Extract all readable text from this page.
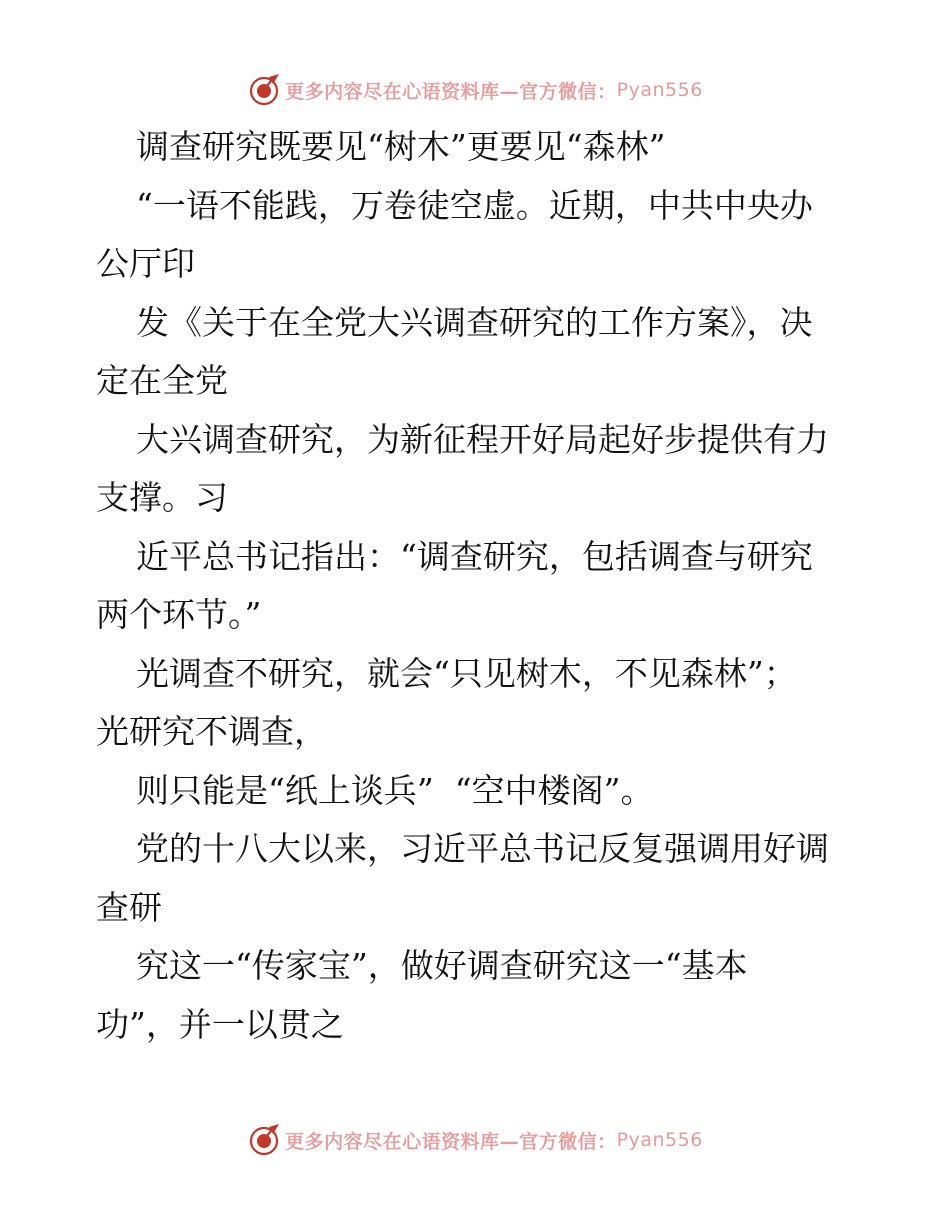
更多内容尽在心语资料库—官方微信： Pyan556
调查研究既要见“树木”更要见“森林”
“一语不能践，万卷徒空虚。近期，中共中央办
公厅印
发《关于在全党大兴调查研究的工作方案》，决
定在全党
大兴调查研究，为新征程开好局起好步提供有力
支撑。习
近平总书记指出：“调查研究，包括调查与研究
两个环节。”
光调查不研究，就会“只见树木，不见森林”；
光研究不调查，
则只能是“纸上谈兵”  “空中楼阁”。
党的十八大以来，习近平总书记反复强调用好调
查研
究这一“传家宝”，做好调查研究这一“基本
功”，并一以贯之
更多内容尽在心语资料库—官方微信： Pyan556
